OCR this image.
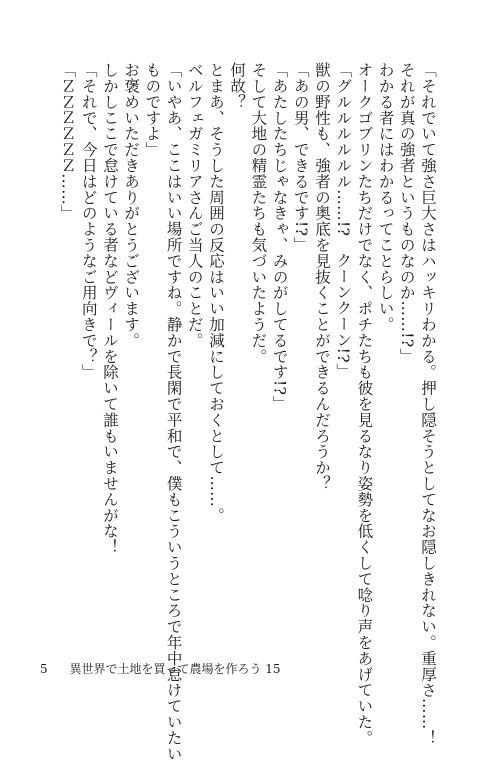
「それでいて強さ巨大さはハッキリわかる。押し隠そうとしてなお隠しきれない。重厚さ……！
それが真の強者というものなのか……!?」
わかる者にはわかるってことらしい。
オークゴブリンたちだけでなく、ポチたちも彼を見るなり姿勢を低くして唸り声をあげていた。
「グルルルルルル……!?　クーンクーン!?」
獣の野性も、強者の奥底を見抜くことができるんだろうか？
「あの男、できるです!?」
「あたしたちじゃなきゃ、みのがしてるです!?」
そして大地の精霊たちも気づいたようだ。
何故？
とまあ、そうした周囲の反応はいい加減にしておくとして……。
ベルフェガミリアさんご当人のことだ。
「いやあ、ここはいい場所ですね。静かで長閑で平和で、僕もこういうところで年中怠けていたい
ものですよ」
お褒めいただきありがとうございます。
しかしここで怠けている者などヴィールを除いて誰もいませんがな！
「それで、今日はどのようなご用向きで？」
「ＺＺＺＺＺＺ……」
5 異世界で土地を買って農場を作ろう 15
